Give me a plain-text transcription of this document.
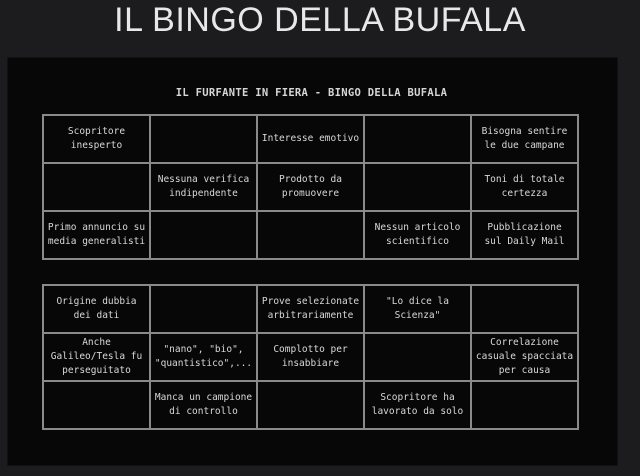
IL BINGO DELLA BUFALA
IL FURFANTE IN FIERA - BINGO DELLA BUFALA
Scopritore
inesperto
Interesse emotivo
Bisogna sentire
le due campane
Nessuna verifica
indipendente
Prodotto da
promuovere
Toni di totale
certezza
Primo annuncio su
media generalisti
Nessun articolo
scientifico
Pubblicazione
sul Daily Mail
Origine dubbia
dei dati
Prove selezionate
arbitrariamente
"Lo dice la
Scienza"
Anche
Galileo/Tesla fu
perseguitato
"nano", "bio",
"quantistico",...
Complotto per
insabbiare
Correlazione
casuale spacciata
per causa
Manca un campione
di controllo
Scopritore ha
lavorato da solo
